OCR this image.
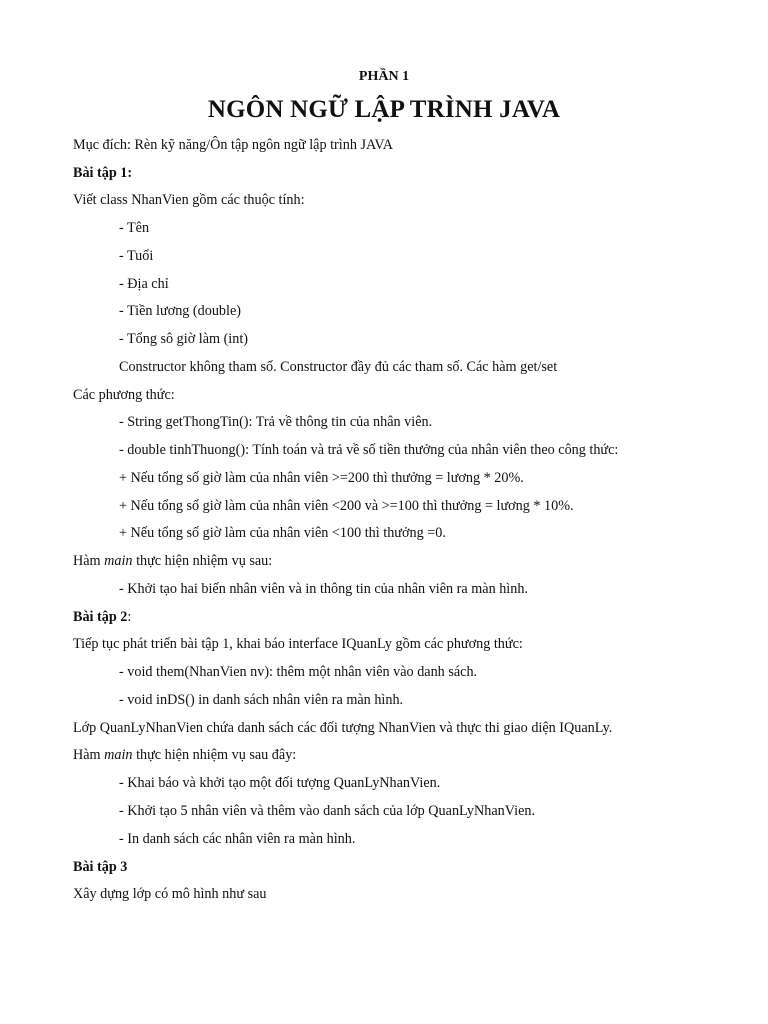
PHẦN 1
NGÔN NGỮ LẬP TRÌNH JAVA
Mục đích: Rèn kỹ năng/Ôn tập ngôn ngữ lập trình JAVA
Bài tập 1:
Viết class NhanVien gồm các thuộc tính:
- Tên
- Tuổi
- Địa chỉ
- Tiền lương (double)
- Tổng sô giờ làm (int)
Constructor không tham số. Constructor đầy đủ các tham số. Các hàm get/set
Các phương thức:
- String getThongTin(): Trả về thông tin của nhân viên.
- double tinhThuong(): Tính toán và trả về số tiền thưởng của nhân viên theo công thức:
+ Nếu tổng số giờ làm của nhân viên >=200 thì thưởng = lương * 20%.
+ Nếu tổng số giờ làm của nhân viên <200 và >=100 thì thưởng = lương * 10%.
+ Nếu tổng số giờ làm của nhân viên <100 thì thưởng =0.
Hàm main thực hiện nhiệm vụ sau:
- Khởi tạo hai biến nhân viên và in thông tin của nhân viên ra màn hình.
Bài tập 2:
Tiếp tục phát triển bài tập 1, khai báo interface IQuanLy gồm các phương thức:
- void them(NhanVien nv): thêm một nhân viên vào danh sách.
- void inDS() in danh sách nhân viên ra màn hình.
Lớp QuanLyNhanVien chứa danh sách các đối tượng NhanVien và thực thi giao diện IQuanLy.
Hàm main thực hiện nhiệm vụ sau đây:
- Khai báo và khởi tạo một đối tượng QuanLyNhanVien.
- Khởi tạo 5 nhân viên và thêm vào danh sách của lớp QuanLyNhanVien.
- In danh sách các nhân viên ra màn hình.
Bài tập 3
Xây dựng lớp có mô hình như sau
